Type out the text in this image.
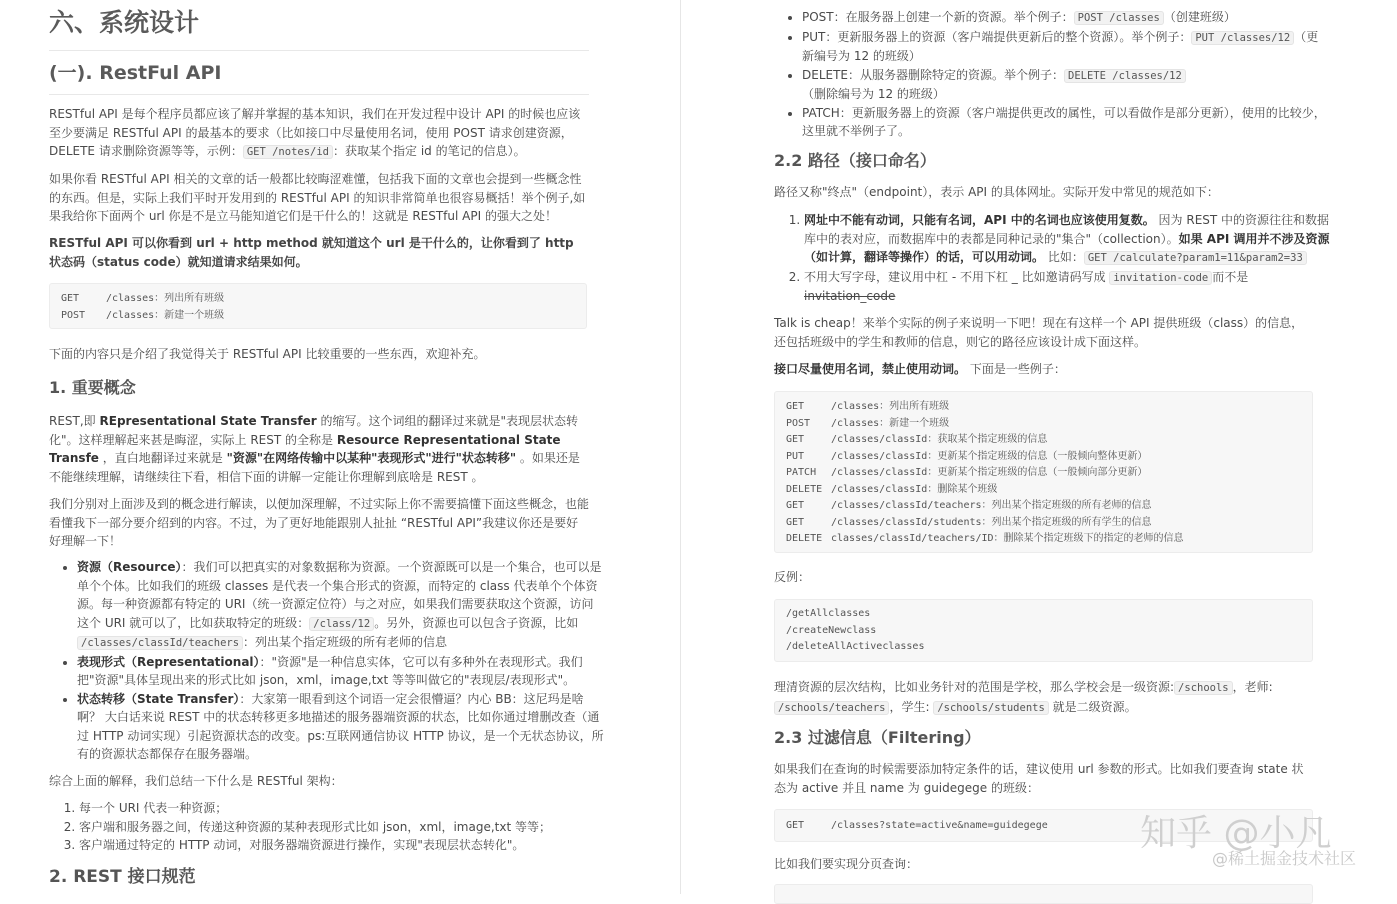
六、系统设计
(一). RestFul API

RESTful API 是每个程序员都应该了解并掌握的基本知识，我们在开发过程中设计 API 的时候也应该至少要满足 RESTful API 的最基本的要求（比如接口中尽量使用名词，使用 POST 请求创建资源，DELETE 请求删除资源等等，示例： GET /notes/id ：获取某个指定 id 的笔记的信息）。

如果你看 RESTful API 相关的文章的话一般都比较晦涩难懂，包括我下面的文章也会提到一些概念性的东西。但是，实际上我们平时开发用到的 RESTful API 的知识非常简单也很容易概括！举个例子,如果我给你下面两个 url 你是不是立马能知道它们是干什么的！这就是 RESTful API 的强大之处！

RESTful API 可以你看到 url + http method 就知道这个 url 是干什么的，让你看到了 http 状态码（status code）就知道请求结果如何。

GET	/classes：列出所有班级
POST	/classes：新建一个班级

下面的内容只是介绍了我觉得关于 RESTful API 比较重要的一些东西，欢迎补充。

1. 重要概念

REST,即 REpresentational State Transfer 的缩写。这个词组的翻译过来就是"表现层状态转化"。这样理解起来甚是晦涩，实际上 REST 的全称是 Resource Representational State Transfe ，直白地翻译过来就是 "资源"在网络传输中以某种"表现形式"进行"状态转移" 。如果还是不能继续理解，请继续往下看，相信下面的讲解一定能让你理解到底啥是 REST 。

我们分别对上面涉及到的概念进行解读，以便加深理解，不过实际上你不需要搞懂下面这些概念，也能看懂我下一部分要介绍到的内容。不过，为了更好地能跟别人扯扯 “RESTful API”我建议你还是要好好理解一下！

• 资源（Resource）：我们可以把真实的对象数据称为资源。一个资源既可以是一个集合，也可以是单个个体。比如我们的班级 classes 是代表一个集合形式的资源，而特定的 class 代表单个个体资源。每一种资源都有特定的 URI（统一资源定位符）与之对应，如果我们需要获取这个资源，访问这个 URI 就可以了，比如获取特定的班级： /class/12 。另外，资源也可以包含子资源，比如 /classes/classId/teachers ：列出某个指定班级的所有老师的信息
• 表现形式（Representational）："资源"是一种信息实体，它可以有多种外在表现形式。我们把"资源"具体呈现出来的形式比如 json，xml，image,txt 等等叫做它的"表现层/表现形式"。
• 状态转移（State Transfer）：大家第一眼看到这个词语一定会很懵逼？内心 BB：这尼玛是啥啊？ 大白话来说 REST 中的状态转移更多地描述的服务器端资源的状态，比如你通过增删改查（通过 HTTP 动词实现）引起资源状态的改变。ps:互联网通信协议 HTTP 协议，是一个无状态协议，所有的资源状态都保存在服务器端。

综合上面的解释，我们总结一下什么是 RESTful 架构：

1. 每一个 URI 代表一种资源；
2. 客户端和服务器之间，传递这种资源的某种表现形式比如 json，xml，image,txt 等等；
3. 客户端通过特定的 HTTP 动词，对服务器端资源进行操作，实现"表现层状态转化"。
2. REST 接口规范
• POST：在服务器上创建一个新的资源。举个例子： POST /classes （创建班级）
• PUT：更新服务器上的资源（客户端提供更新后的整个资源）。举个例子： PUT /classes/12 （更新编号为 12 的班级）
• DELETE：从服务器删除特定的资源。举个例子： DELETE /classes/12（删除编号为 12 的班级）
• PATCH：更新服务器上的资源（客户端提供更改的属性，可以看做作是部分更新），使用的比较少，这里就不举例子了。
2.2 路径（接口命名）

路径又称"终点"（endpoint），表示 API 的具体网址。实际开发中常见的规范如下：

1. 网址中不能有动词，只能有名词，API 中的名词也应该使用复数。 因为 REST 中的资源往往和数据库中的表对应，而数据库中的表都是同种记录的"集合"（collection）。如果 API 调用并不涉及资源（如计算，翻译等操作）的话，可以用动词。 比如： GET /calculate?param1=11&param2=33
2. 不用大写字母，建议用中杠 - 不用下杠 _ 比如邀请码写成 invitation-code 而不是 invitation_code

Talk is cheap！来举个实际的例子来说明一下吧！现在有这样一个 API 提供班级（class）的信息，还包括班级中的学生和教师的信息，则它的路径应该设计成下面这样。

接口尽量使用名词，禁止使用动词。 下面是一些例子：

GET	/classes：列出所有班级
POST	/classes：新建一个班级
GET	/classes/classId：获取某个指定班级的信息
PUT	/classes/classId：更新某个指定班级的信息（一般倾向整体更新）
PATCH	/classes/classId：更新某个指定班级的信息（一般倾向部分更新）
DELETE /classes/classId：删除某个班级
GET	/classes/classId/teachers：列出某个指定班级的所有老师的信息
GET	/classes/classId/students：列出某个指定班级的所有学生的信息
DELETE classes/classId/teachers/ID：删除某个指定班级下的指定的老师的信息

反例：

/getAllclasses
/createNewclass
/deleteAllActiveclasses

理清资源的层次结构，比如业务针对的范围是学校，那么学校会是一级资源: /schools ，老师: /schools/teachers ，学生: /schools/students 就是二级资源。

2.3 过滤信息（Filtering）

如果我们在查询的时候需要添加特定条件的话，建议使用 url 参数的形式。比如我们要查询 state 状态为 active 并且 name 为 guidegege 的班级：

GET	/classes?state=active&name=guidegege

比如我们要实现分页查询：

知乎 @小凡
@稀土掘金技术社区
